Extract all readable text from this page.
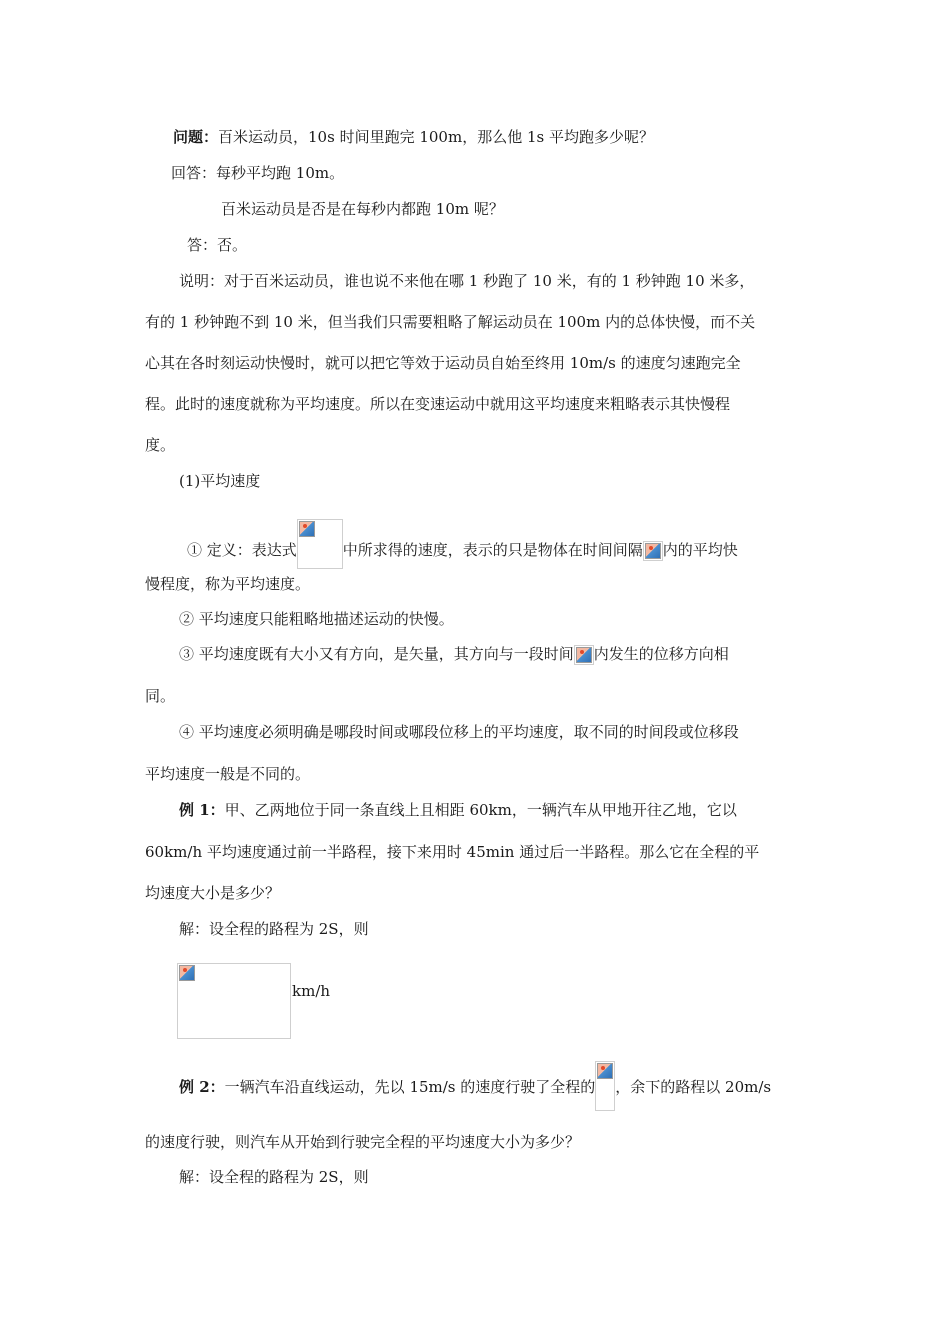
问题：百米运动员，10s 时间里跑完 100m，那么他 1s 平均跑多少呢？
回答：每秒平均跑 10m。
百米运动员是否是在每秒内都跑 10m 呢？
答：否。
说明：对于百米运动员，谁也说不来他在哪 1 秒跑了 10 米，有的 1 秒钟跑 10 米多，
有的 1 秒钟跑不到 10 米，但当我们只需要粗略了解运动员在 100m 内的总体快慢，而不关
心其在各时刻运动快慢时，就可以把它等效于运动员自始至终用 10m/s 的速度匀速跑完全
程。此时的速度就称为平均速度。所以在变速运动中就用这平均速度来粗略表示其快慢程
度。
(1)平均速度
① 定义：表达式	中所求得的速度，表示的只是物体在时间间隔 内的平均快
慢程度，称为平均速度。
② 平均速度只能粗略地描述运动的快慢。
③ 平均速度既有大小又有方向，是矢量，其方向与一段时间 内发生的位移方向相
同。
④ 平均速度必须明确是哪段时间或哪段位移上的平均速度，取不同的时间段或位移段
平均速度一般是不同的。
例 1：甲、乙两地位于同一条直线上且相距 60km，一辆汽车从甲地开往乙地，它以
60km/h 平均速度通过前一半路程，接下来用时 45min 通过后一半路程。那么它在全程的平
均速度大小是多少？
解：设全程的路程为 2S，则
km/h
例 2：一辆汽车沿直线运动，先以 15m/s 的速度行驶了全程的 ，余下的路程以 20m/s
的速度行驶，则汽车从开始到行驶完全程的平均速度大小为多少？
解：设全程的路程为 2S，则
